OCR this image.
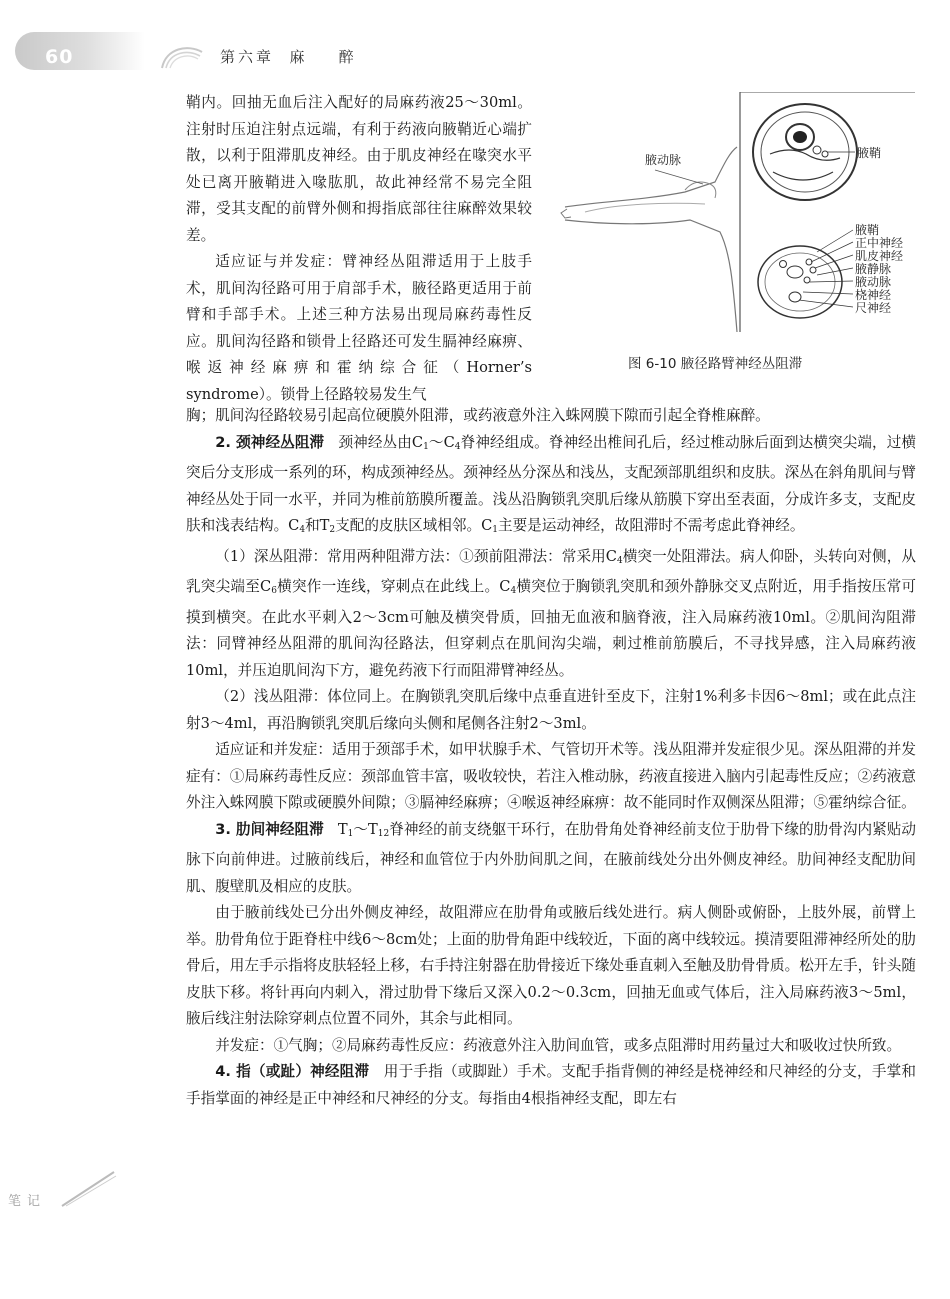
60	第六章  麻    醉

鞘内。回抽无血后注入配好的局麻药液25～30ml。注射时压迫注射点远端，有利于药液向腋鞘近心端扩散，以利于阻滞肌皮神经。由于肌皮神经在喙突水平处已离开腋鞘进入喙肱肌，故此神经常不易完全阻滞，受其支配的前臂外侧和拇指底部往往麻醉效果较差。

适应证与并发症：臂神经丛阻滞适用于上肢手术，肌间沟径路可用于肩部手术，腋径路更适用于前臂和手部手术。上述三种方法易出现局麻药毒性反应。肌间沟径路和锁骨上径路还可发生膈神经麻痹、喉返神经麻痹和霍纳综合征（Horner’s syndrome）。锁骨上径路较易发生气

腋动脉	腋鞘
腋鞘
正中神经
肌皮神经
腋静脉
腋动脉
桡神经
尺神经
图 6-10 腋径路臂神经丛阻滞

胸；肌间沟径路较易引起高位硬膜外阻滞，或药液意外注入蛛网膜下隙而引起全脊椎麻醉。

2. 颈神经丛阻滞 颈神经丛由$C_1\sim C_4$脊神经组成。脊神经出椎间孔后，经过椎动脉后面到达横突尖端，过横突后分支形成一系列的环，构成颈神经丛。颈神经丛分深丛和浅丛，支配颈部肌组织和皮肤。深丛在斜角肌间与臂神经丛处于同一水平，并同为椎前筋膜所覆盖。浅丛沿胸锁乳突肌后缘从筋膜下穿出至表面，分成许多支，支配皮肤和浅表结构。$C_4$和$T_2$支配的皮肤区域相邻。$C_1$主要是运动神经，故阻滞时不需考虑此脊神经。

（1）深丛阻滞：常用两种阻滞方法：①颈前阻滞法：常采用$C_4$横突一处阻滞法。病人仰卧，头转向对侧，从乳突尖端至$C_6$横突作一连线，穿刺点在此线上。$C_4$横突位于胸锁乳突肌和颈外静脉交叉点附近，用手指按压常可摸到横突。在此水平刺入2～3cm可触及横突骨质，回抽无血液和脑脊液，注入局麻药液10ml。②肌间沟阻滞法：同臂神经丛阻滞的肌间沟径路法，但穿刺点在肌间沟尖端，刺过椎前筋膜后，不寻找异感，注入局麻药液10ml，并压迫肌间沟下方，避免药液下行而阻滞臂神经丛。

（2）浅丛阻滞：体位同上。在胸锁乳突肌后缘中点垂直进针至皮下，注射1%利多卡因6～8ml；或在此点注射3～4ml，再沿胸锁乳突肌后缘向头侧和尾侧各注射2～3ml。

适应证和并发症：适用于颈部手术，如甲状腺手术、气管切开术等。浅丛阻滞并发症很少见。深丛阻滞的并发症有：①局麻药毒性反应：颈部血管丰富，吸收较快，若注入椎动脉，药液直接进入脑内引起毒性反应；②药液意外注入蛛网膜下隙或硬膜外间隙；③膈神经麻痹；④喉返神经麻痹：故不能同时作双侧深丛阻滞；⑤霍纳综合征。

3. 肋间神经阻滞 $T_1\sim T_{12}$脊神经的前支绕躯干环行，在肋骨角处脊神经前支位于肋骨下缘的肋骨沟内紧贴动脉下向前伸进。过腋前线后，神经和血管位于内外肋间肌之间，在腋前线处分出外侧皮神经。肋间神经支配肋间肌、腹壁肌及相应的皮肤。

由于腋前线处已分出外侧皮神经，故阻滞应在肋骨角或腋后线处进行。病人侧卧或俯卧，上肢外展，前臂上举。肋骨角位于距脊柱中线6～8cm处；上面的肋骨角距中线较近，下面的离中线较远。摸清要阻滞神经所处的肋骨后，用左手示指将皮肤轻轻上移，右手持注射器在肋骨接近下缘处垂直刺入至触及肋骨骨质。松开左手，针头随皮肤下移。将针再向内刺入，滑过肋骨下缘后又深入0.2～0.3cm，回抽无血或气体后，注入局麻药液3～5ml，腋后线注射法除穿刺点位置不同外，其余与此相同。

并发症：①气胸；②局麻药毒性反应：药液意外注入肋间血管，或多点阻滞时用药量过大和吸收过快所致。

4. 指（或趾）神经阻滞 用于手指（或脚趾）手术。支配手指背侧的神经是桡神经和尺神经的分支，手掌和手指掌面的神经是正中神经和尺神经的分支。每指由4根指神经支配，即左右

笔记
